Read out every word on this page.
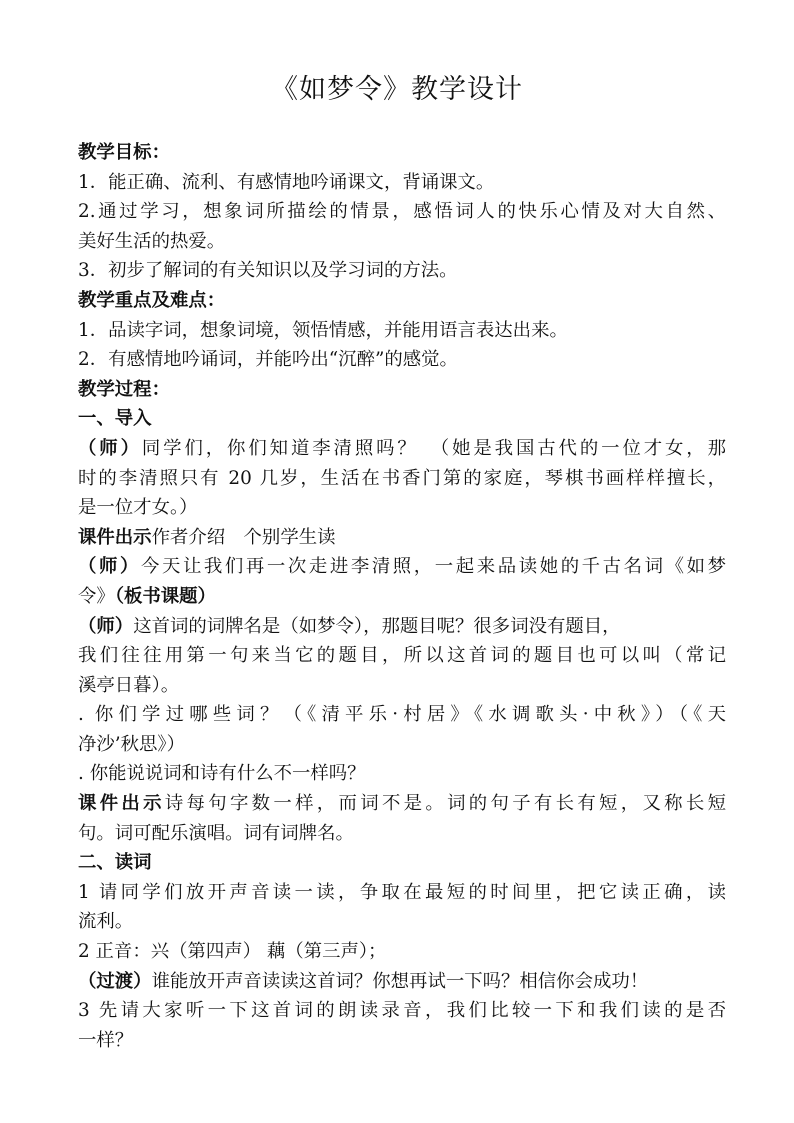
《如梦令》教学设计
教学目标：
1．能正确、流利、有感情地吟诵课文，背诵课文。
2.通过学习，想象词所描绘的情景，感悟词人的快乐心情及对大自然、
美好生活的热爱。
3．初步了解词的有关知识以及学习词的方法。
教学重点及难点：
1．品读字词，想象词境，领悟情感，并能用语言表达出来。
2．有感情地吟诵词，并能吟出“沉醉”的感觉。
教学过程：
一、导入
（师）同学们，你们知道李清照吗？　（她是我国古代的一位才女，那
时的李清照只有 20 几岁，生活在书香门第的家庭，琴棋书画样样擅长，
是一位才女。）
课件出示作者介绍　个别学生读
（师）今天让我们再一次走进李清照，一起来品读她的千古名词《如梦
令》（板书课题）
（师）这首词的词牌名是（如梦令），那题目呢？很多词没有题目，
我们往往用第一句来当它的题目，所以这首词的题目也可以叫（常记
溪亭日暮）。
. 你们学过哪些词？（《清平乐·村居》《水调歌头·中秋》）（《天
净沙’秋思》）
. 你能说说词和诗有什么不一样吗？
课件出示诗每句字数一样，而词不是。词的句子有长有短，又称长短
句。词可配乐演唱。词有词牌名。
二、读词
1 请同学们放开声音读一读，争取在最短的时间里，把它读正确，读
流利。
2 正音：兴（第四声） 藕（第三声）；
（过渡）谁能放开声音读读这首词？你想再试一下吗？相信你会成功！
3 先请大家听一下这首词的朗读录音，我们比较一下和我们读的是否
一样？
